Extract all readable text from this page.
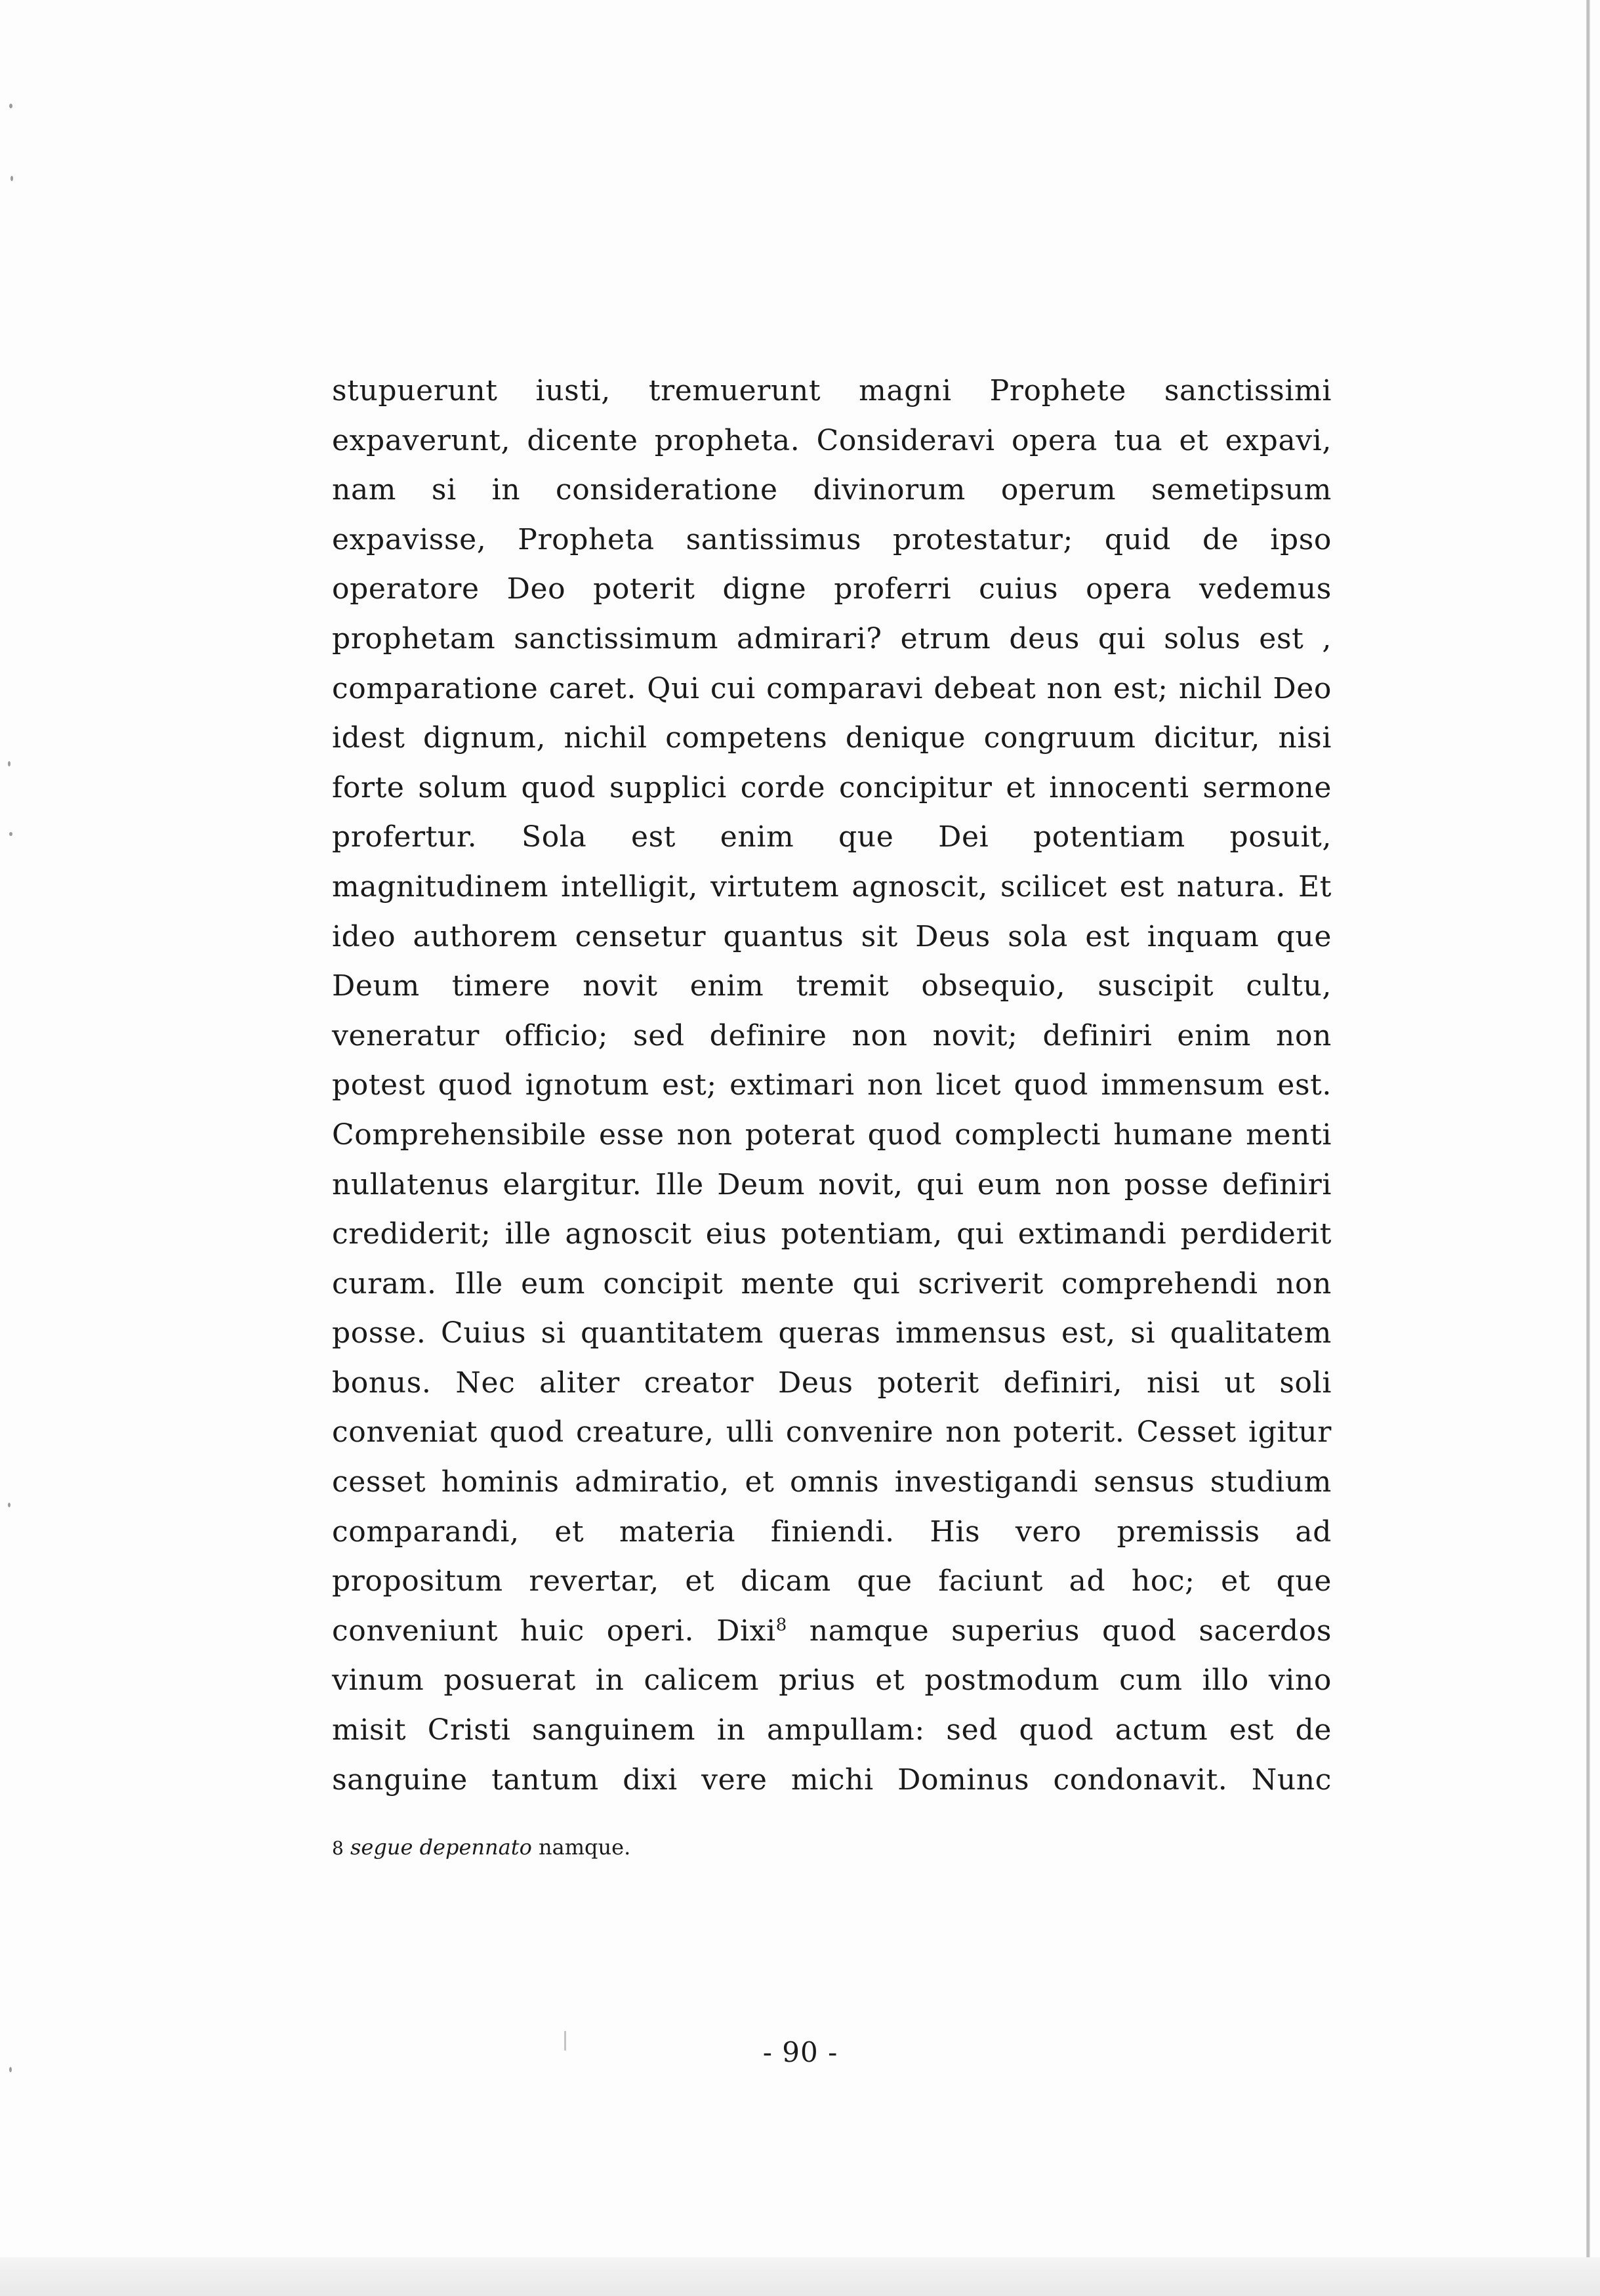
stupuerunt iusti, tremuerunt magni Prophete sanctissimi
expaverunt, dicente propheta. Consideravi opera tua et expavi,
nam si in consideratione divinorum operum semetipsum
expavisse, Propheta santissimus protestatur; quid de ipso
operatore Deo poterit digne proferri cuius opera vedemus
prophetam sanctissimum admirari? etrum deus qui solus est ,
comparatione caret. Qui cui comparavi debeat non est; nichil Deo
idest dignum, nichil competens denique congruum dicitur, nisi
forte solum quod supplici corde concipitur et innocenti sermone
profertur. Sola est enim que Dei potentiam posuit,
magnitudinem intelligit, virtutem agnoscit, scilicet est natura. Et
ideo authorem censetur quantus sit Deus sola est inquam que
Deum timere novit enim tremit obsequio, suscipit cultu,
veneratur officio; sed definire non novit; definiri enim non
potest quod ignotum est; extimari non licet quod immensum est.
Comprehensibile esse non poterat quod complecti humane menti
nullatenus elargitur. Ille Deum novit, qui eum non posse definiri
crediderit; ille agnoscit eius potentiam, qui extimandi perdiderit
curam. Ille eum concipit mente qui scriverit comprehendi non
posse. Cuius si quantitatem queras immensus est, si qualitatem
bonus. Nec aliter creator Deus poterit definiri, nisi ut soli
conveniat quod creature, ulli convenire non poterit. Cesset igitur
cesset hominis admiratio, et omnis investigandi sensus studium
comparandi, et materia finiendi. His vero premissis ad
propositum revertar, et dicam que faciunt ad hoc; et que
conveniunt huic operi. Dixi$^8$ namque superius quod sacerdos
vinum posuerat in calicem prius et postmodum cum illo vino
misit Cristi sanguinem in ampullam: sed quod actum est de
sanguine tantum dixi vere michi Dominus condonavit. Nunc
8 segue depennato namque.
- 90 -
